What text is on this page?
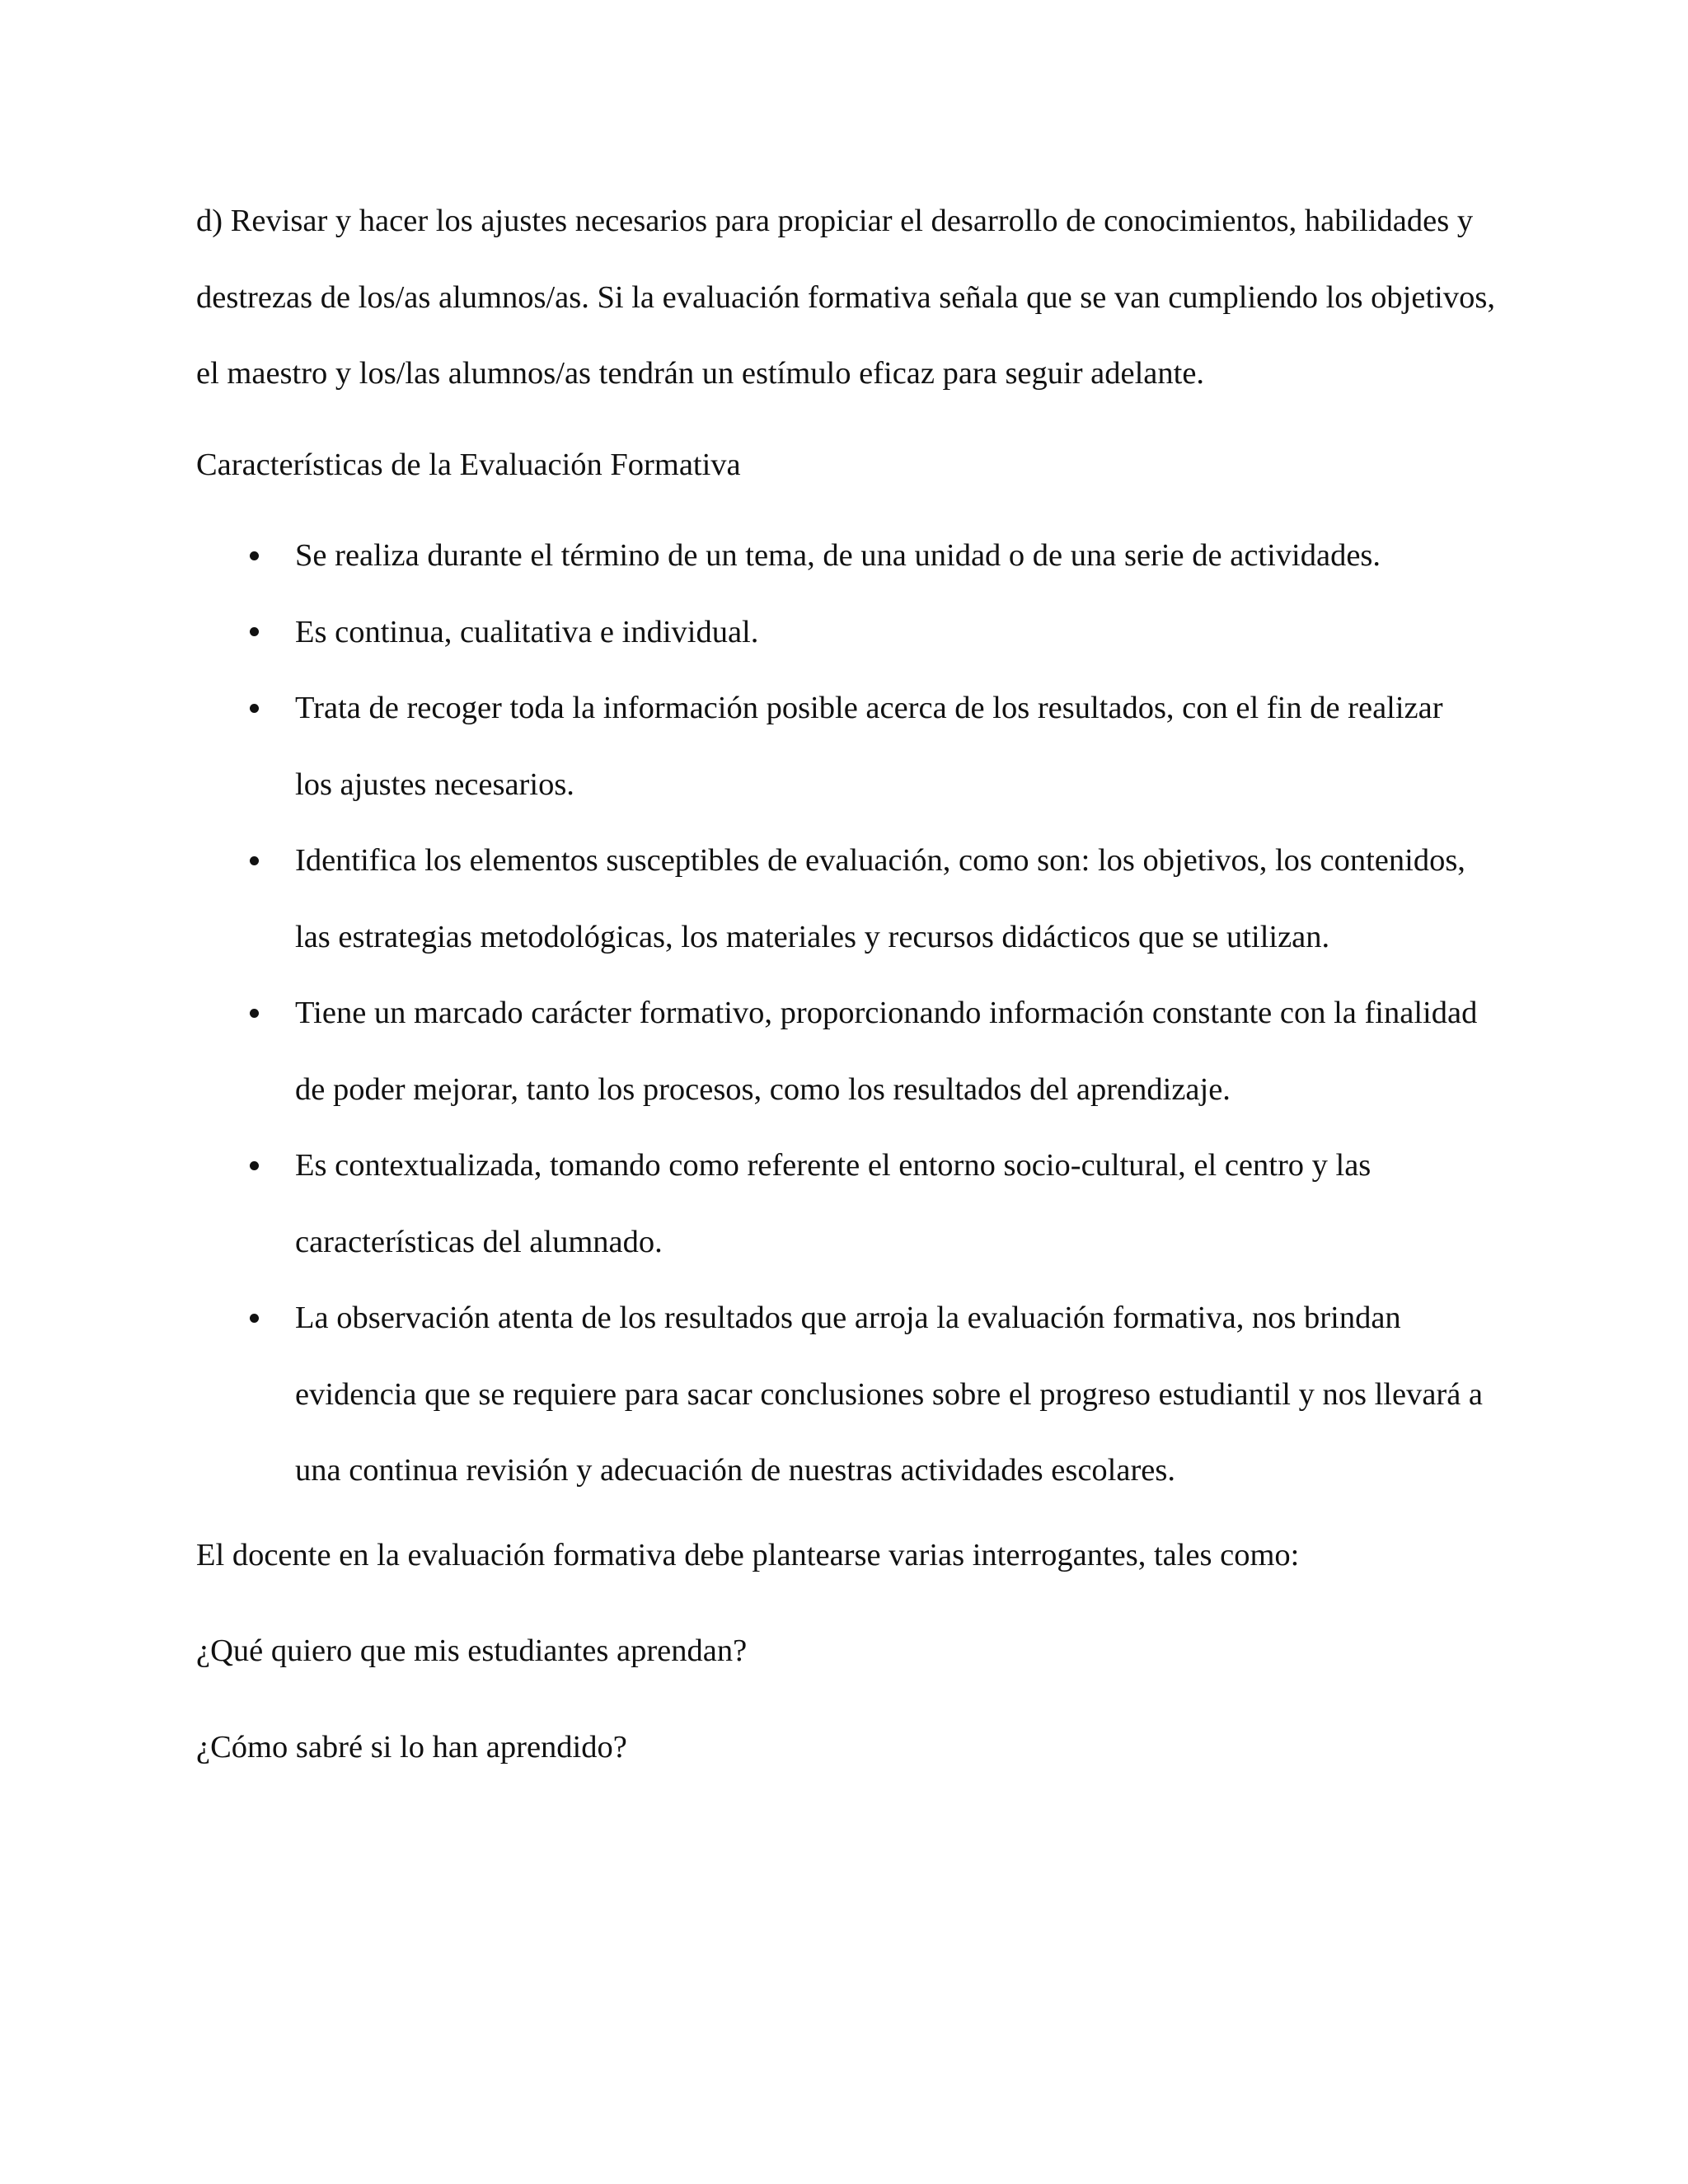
d) Revisar y hacer los ajustes necesarios para propiciar el desarrollo de conocimientos, habilidades y destrezas de los/as alumnos/as. Si la evaluación formativa señala que se van cumpliendo los objetivos, el maestro y los/las alumnos/as tendrán un estímulo eficaz para seguir adelante.

Características de la Evaluación Formativa

Se realiza durante el término de un tema, de una unidad o de una serie de actividades.
Es continua, cualitativa e individual.
Trata de recoger toda la información posible acerca de los resultados, con el fin de realizar los ajustes necesarios.
Identifica los elementos susceptibles de evaluación, como son: los objetivos, los contenidos, las estrategias metodológicas, los materiales y recursos didácticos que se utilizan.
Tiene un marcado carácter formativo, proporcionando información constante con la finalidad de poder mejorar, tanto los procesos, como los resultados del aprendizaje.
Es contextualizada, tomando como referente el entorno socio-cultural, el centro y las características del alumnado.
La observación atenta de los resultados que arroja la evaluación formativa, nos brindan evidencia que se requiere para sacar conclusiones sobre el progreso estudiantil y nos llevará a una continua revisión y adecuación de nuestras actividades escolares.

El docente en la evaluación formativa debe plantearse varias interrogantes, tales como:

¿Qué quiero que mis estudiantes aprendan?

¿Cómo sabré si lo han aprendido?
